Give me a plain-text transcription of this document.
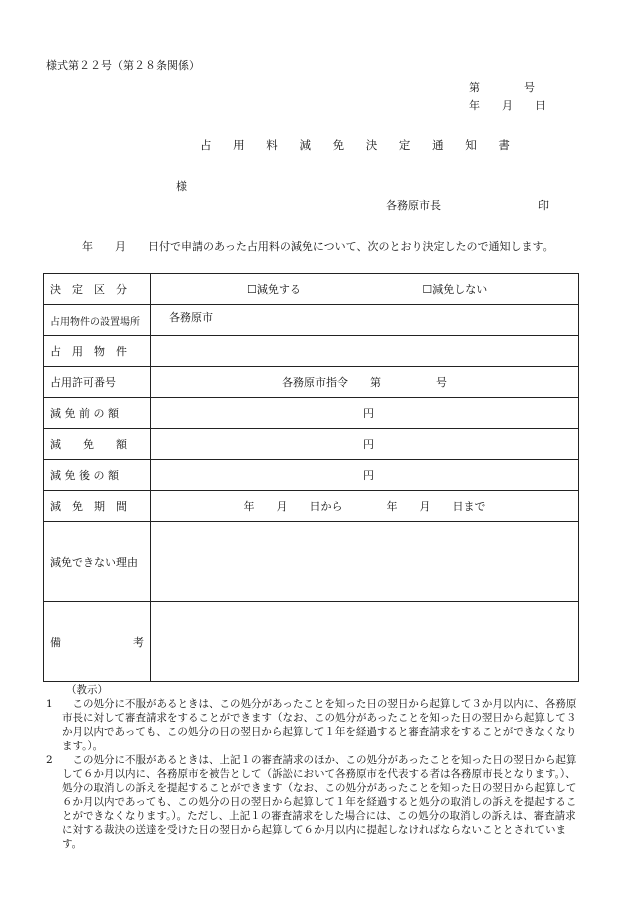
様式第２２号（第２８条関係）
第　　　　号
年　　月　　日
占 用 料 減 免 決 定 通 知 書
様
各務原市長	印
年　　月　　日付で申請のあった占用料の減免について、次のとおり決定したので通知します。
決　定　区　分	☐減免する ☐減免しない
占用物件の設置場所	各務原市
占　用　物　件	
占用許可番号	各務原市指令　　第　　　　　号
減 免 前 の 額	円
減　　免　　額	円
減 免 後 の 額	円
減　免　期　間	年　　月　　日から　　　　年　　月　　日まで
減免できない理由	

備 考	

（教示）
1	この処分に不服があるときは、この処分があったことを知った日の翌日から起算して３か月以内に、各務原市長に対して審査請求をすることができます（なお、この処分があったことを知った日の翌日から起算して３か月以内であっても、この処分の日の翌日から起算して１年を経過すると審査請求をすることができなくなります。）。
2	この処分に不服があるときは、上記１の審査請求のほか、この処分があったことを知った日の翌日から起算して６か月以内に、各務原市を被告として（訴訟において各務原市を代表する者は各務原市長となります。）、処分の取消しの訴えを提起することができます（なお、この処分があったことを知った日の翌日から起算して６か月以内であっても、この処分の日の翌日から起算して１年を経過すると処分の取消しの訴えを提起することができなくなります。）。ただし、上記１の審査請求をした場合には、この処分の取消しの訴えは、審査請求に対する裁決の送達を受けた日の翌日から起算して６か月以内に提起しなければならないこととされています。
